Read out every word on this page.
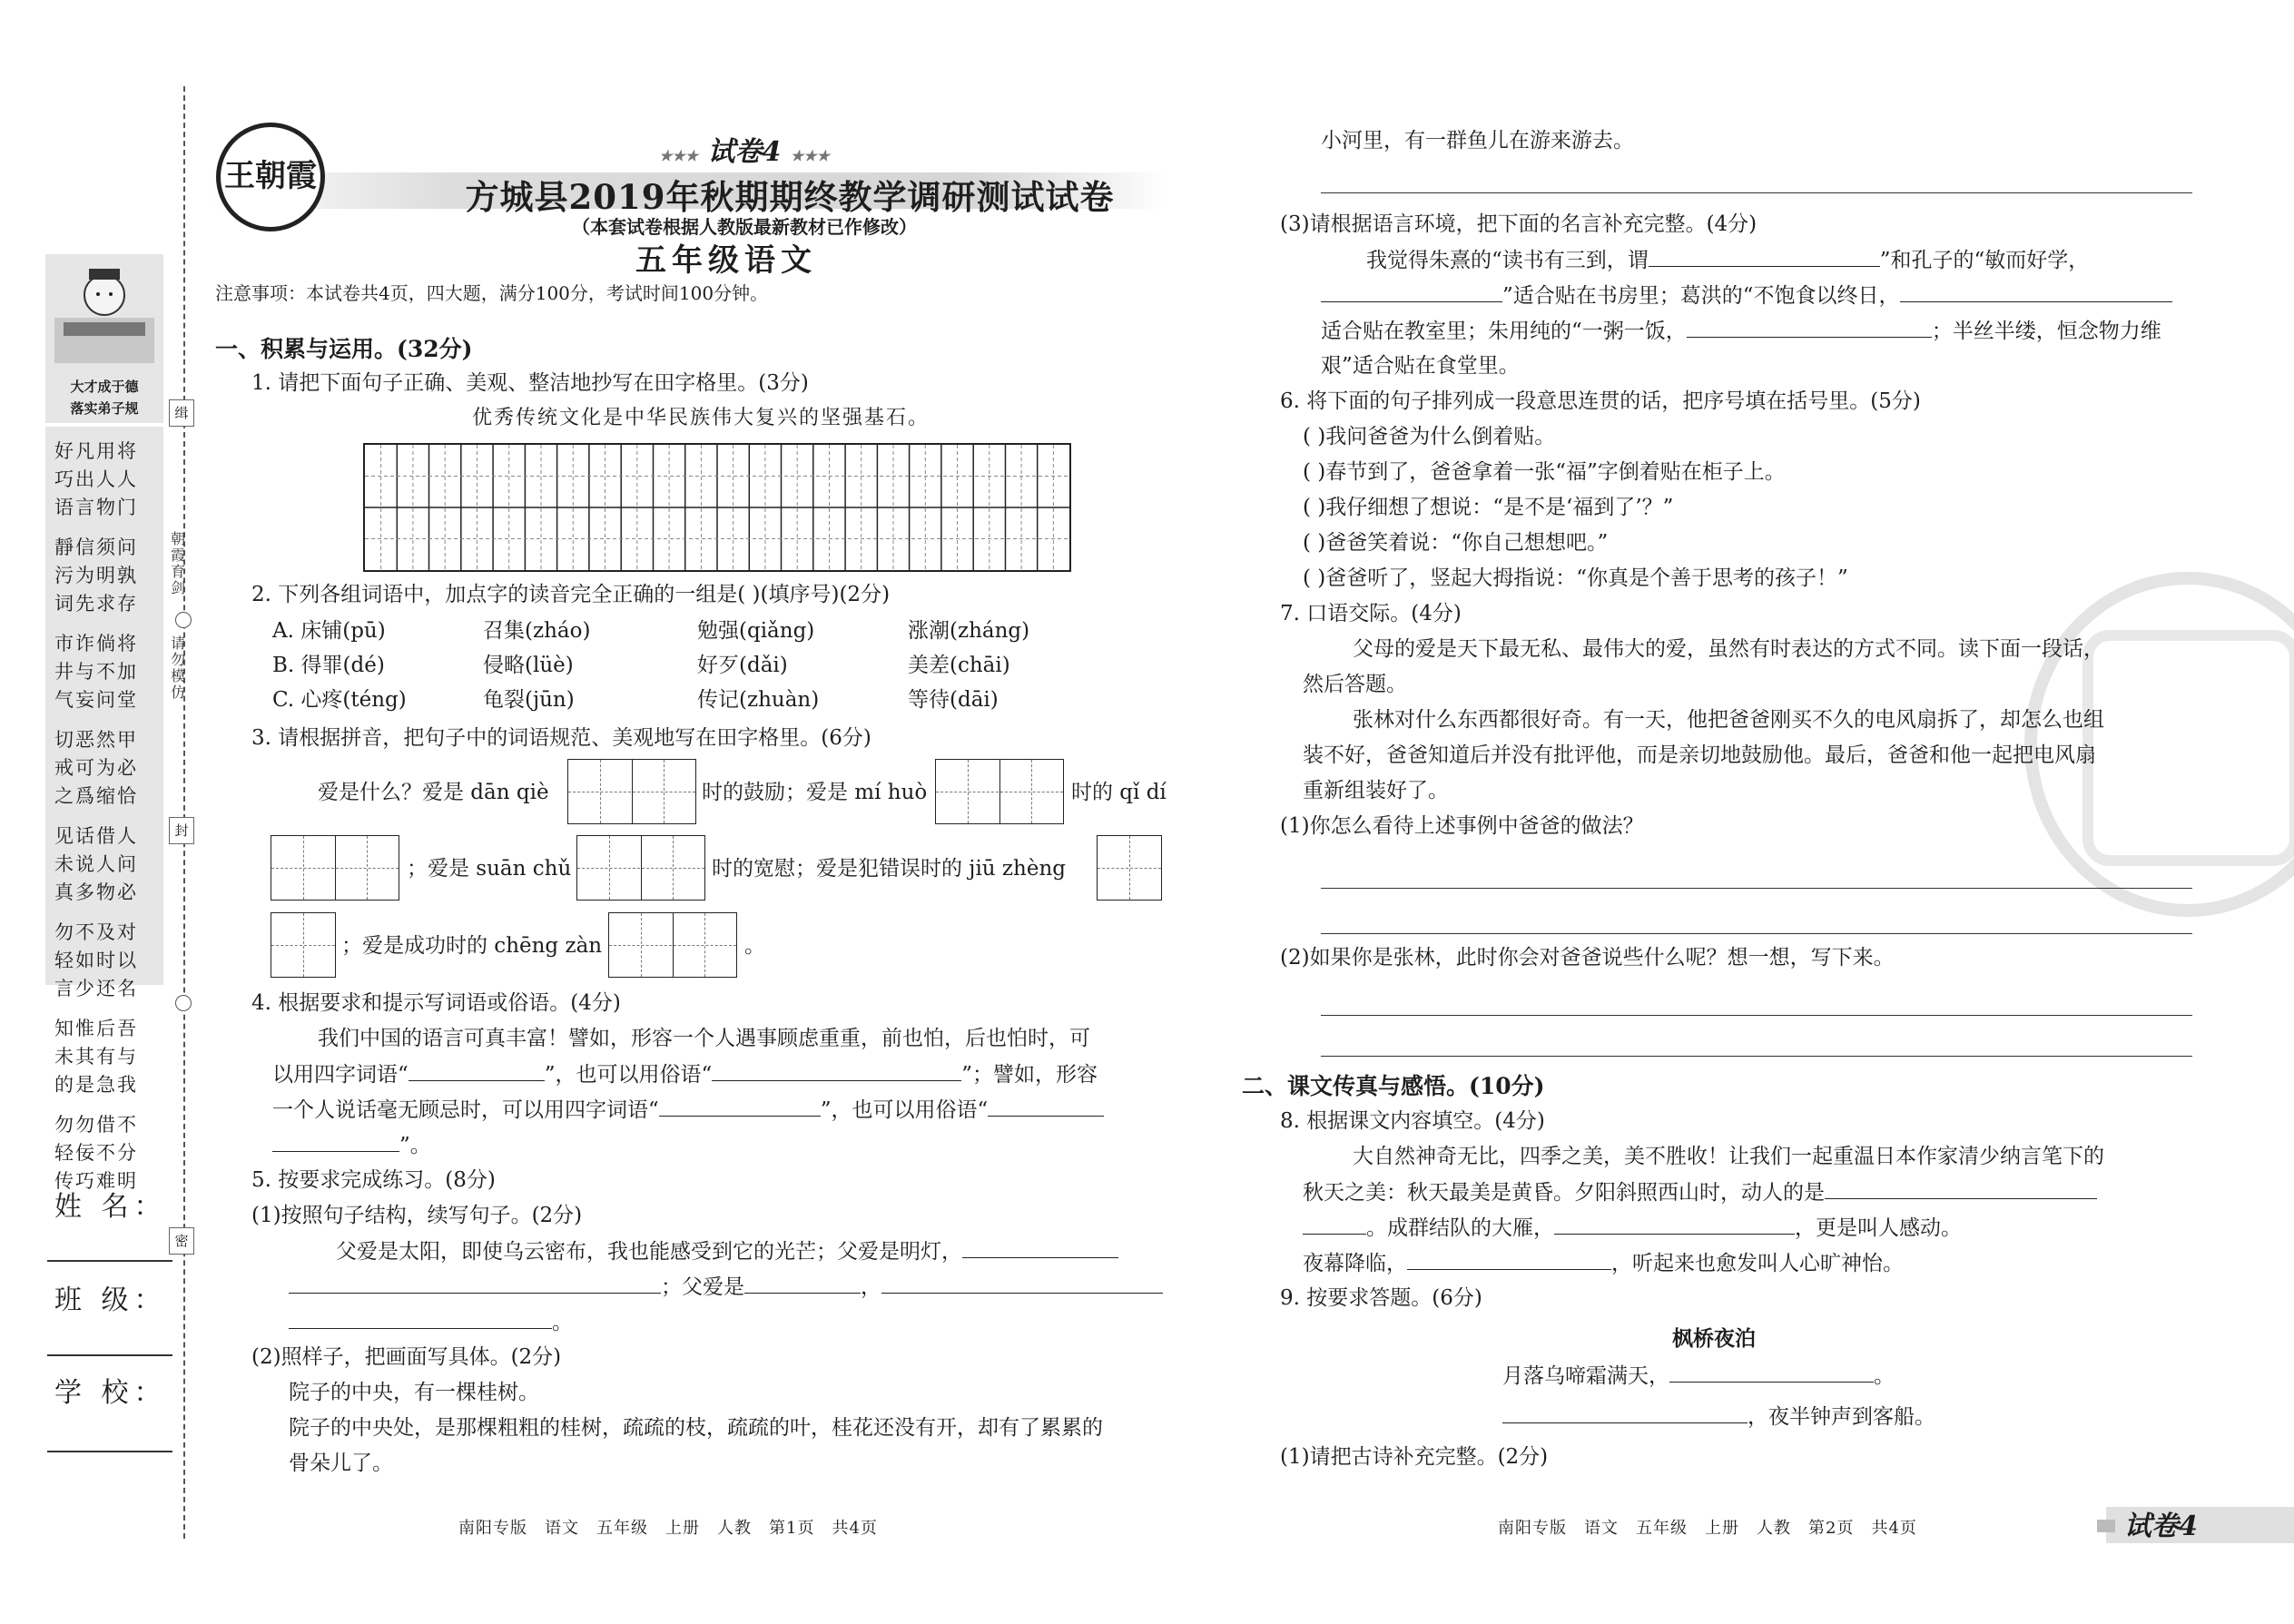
缉
封
密
朝霞育剑
请勿模仿
大才成于德
落实弟子规

好凡用将
巧出人人
语言物门

靜信须问
污为明孰
词先求存

市诈倘将
井与不加
气妄问堂

切恶然甲
戒可为必
之爲缩恰

见话借人
未说人问
真多物必

勿不及对
轻如时以
言少还名

知惟后吾
未其有与
的是急我

勿勿借不
轻佞不分
传巧难明

姓 名：
班 级：
学 校：
王朝霞
★★★ 试卷4 ★★★
方城县2019年秋期期终教学调研测试试卷
（本套试卷根据人教版最新教材已作修改）
五年级语文
注意事项：本试卷共4页，四大题，满分100分，考试时间100分钟。
一、积累与运用。(32分)
1. 请把下面句子正确、美观、整洁地抄写在田字格里。(3分)
优秀传统文化是中华民族伟大复兴的坚强基石。
2. 下列各组词语中，加点字的读音完全正确的一组是( )(填序号)(2分)
A. 床铺(pū)	召集(zháo)	勉强(qiǎng)	涨潮(zháng)
B. 得罪(dé)	侵略(lüè)	好歹(dǎi)	美差(chāi)
C. 心疼(téng)	龟裂(jūn)	传记(zhuàn)	等待(dāi)
3. 请根据拼音，把句子中的词语规范、美观地写在田字格里。(6分)
爱是什么？爱是 dān qiè	时的鼓励；爱是 mí huò	时的 qǐ dí
；爱是 suān chǔ	时的宽慰；爱是犯错误时的 jiū zhèng
；爱是成功时的 chēng zàn	。
4. 根据要求和提示写词语或俗语。(4分)
我们中国的语言可真丰富！譬如，形容一个人遇事顾虑重重，前也怕，后也怕时，可
以用四字词语“	”，也可以用俗语“	”；譬如，形容
一个人说话毫无顾忌时，可以用四字词语“	”，也可以用俗语“
”。
5. 按要求完成练习。(8分)
(1)按照句子结构，续写句子。(2分)
父爱是太阳，即使乌云密布，我也能感受到它的光芒；父爱是明灯，
；父爱是	，
。
(2)照样子，把画面写具体。(2分)
院子的中央，有一棵桂树。
院子的中央处，是那棵粗粗的桂树，疏疏的枝，疏疏的叶，桂花还没有开，却有了累累的
骨朵儿了。
南阳专版　语文　五年级　上册　人教　第1页　共4页
小河里，有一群鱼儿在游来游去。
(3)请根据语言环境，把下面的名言补充完整。(4分)
我觉得朱熹的“读书有三到，谓	”和孔子的“敏而好学，
”适合贴在书房里；葛洪的“不饱食以终日，
适合贴在教室里；朱用纯的“一粥一饭，	；半丝半缕，恒念物力维
艰”适合贴在食堂里。
6. 将下面的句子排列成一段意思连贯的话，把序号填在括号里。(5分)
( )我问爸爸为什么倒着贴。
( )春节到了，爸爸拿着一张“福”字倒着贴在柜子上。
( )我仔细想了想说：“是不是‘福到了’？”
( )爸爸笑着说：“你自己想想吧。”
( )爸爸听了，竖起大拇指说：“你真是个善于思考的孩子！”
7. 口语交际。(4分)
父母的爱是天下最无私、最伟大的爱，虽然有时表达的方式不同。读下面一段话，
然后答题。
张林对什么东西都很好奇。有一天，他把爸爸刚买不久的电风扇拆了，却怎么也组
装不好，爸爸知道后并没有批评他，而是亲切地鼓励他。最后，爸爸和他一起把电风扇
重新组装好了。
(1)你怎么看待上述事例中爸爸的做法？
(2)如果你是张林，此时你会对爸爸说些什么呢？想一想，写下来。
二、课文传真与感悟。(10分)
8. 根据课文内容填空。(4分)
大自然神奇无比，四季之美，美不胜收！让我们一起重温日本作家清少纳言笔下的
秋天之美：秋天最美是黄昏。夕阳斜照西山时，动人的是
。成群结队的大雁，	，更是叫人感动。
夜幕降临，	，听起来也愈发叫人心旷神怡。
9. 按要求答题。(6分)
枫桥夜泊
月落乌啼霜满天，	。
，夜半钟声到客船。
(1)请把古诗补充完整。(2分)
南阳专版　语文　五年级　上册　人教　第2页　共4页	试卷4
